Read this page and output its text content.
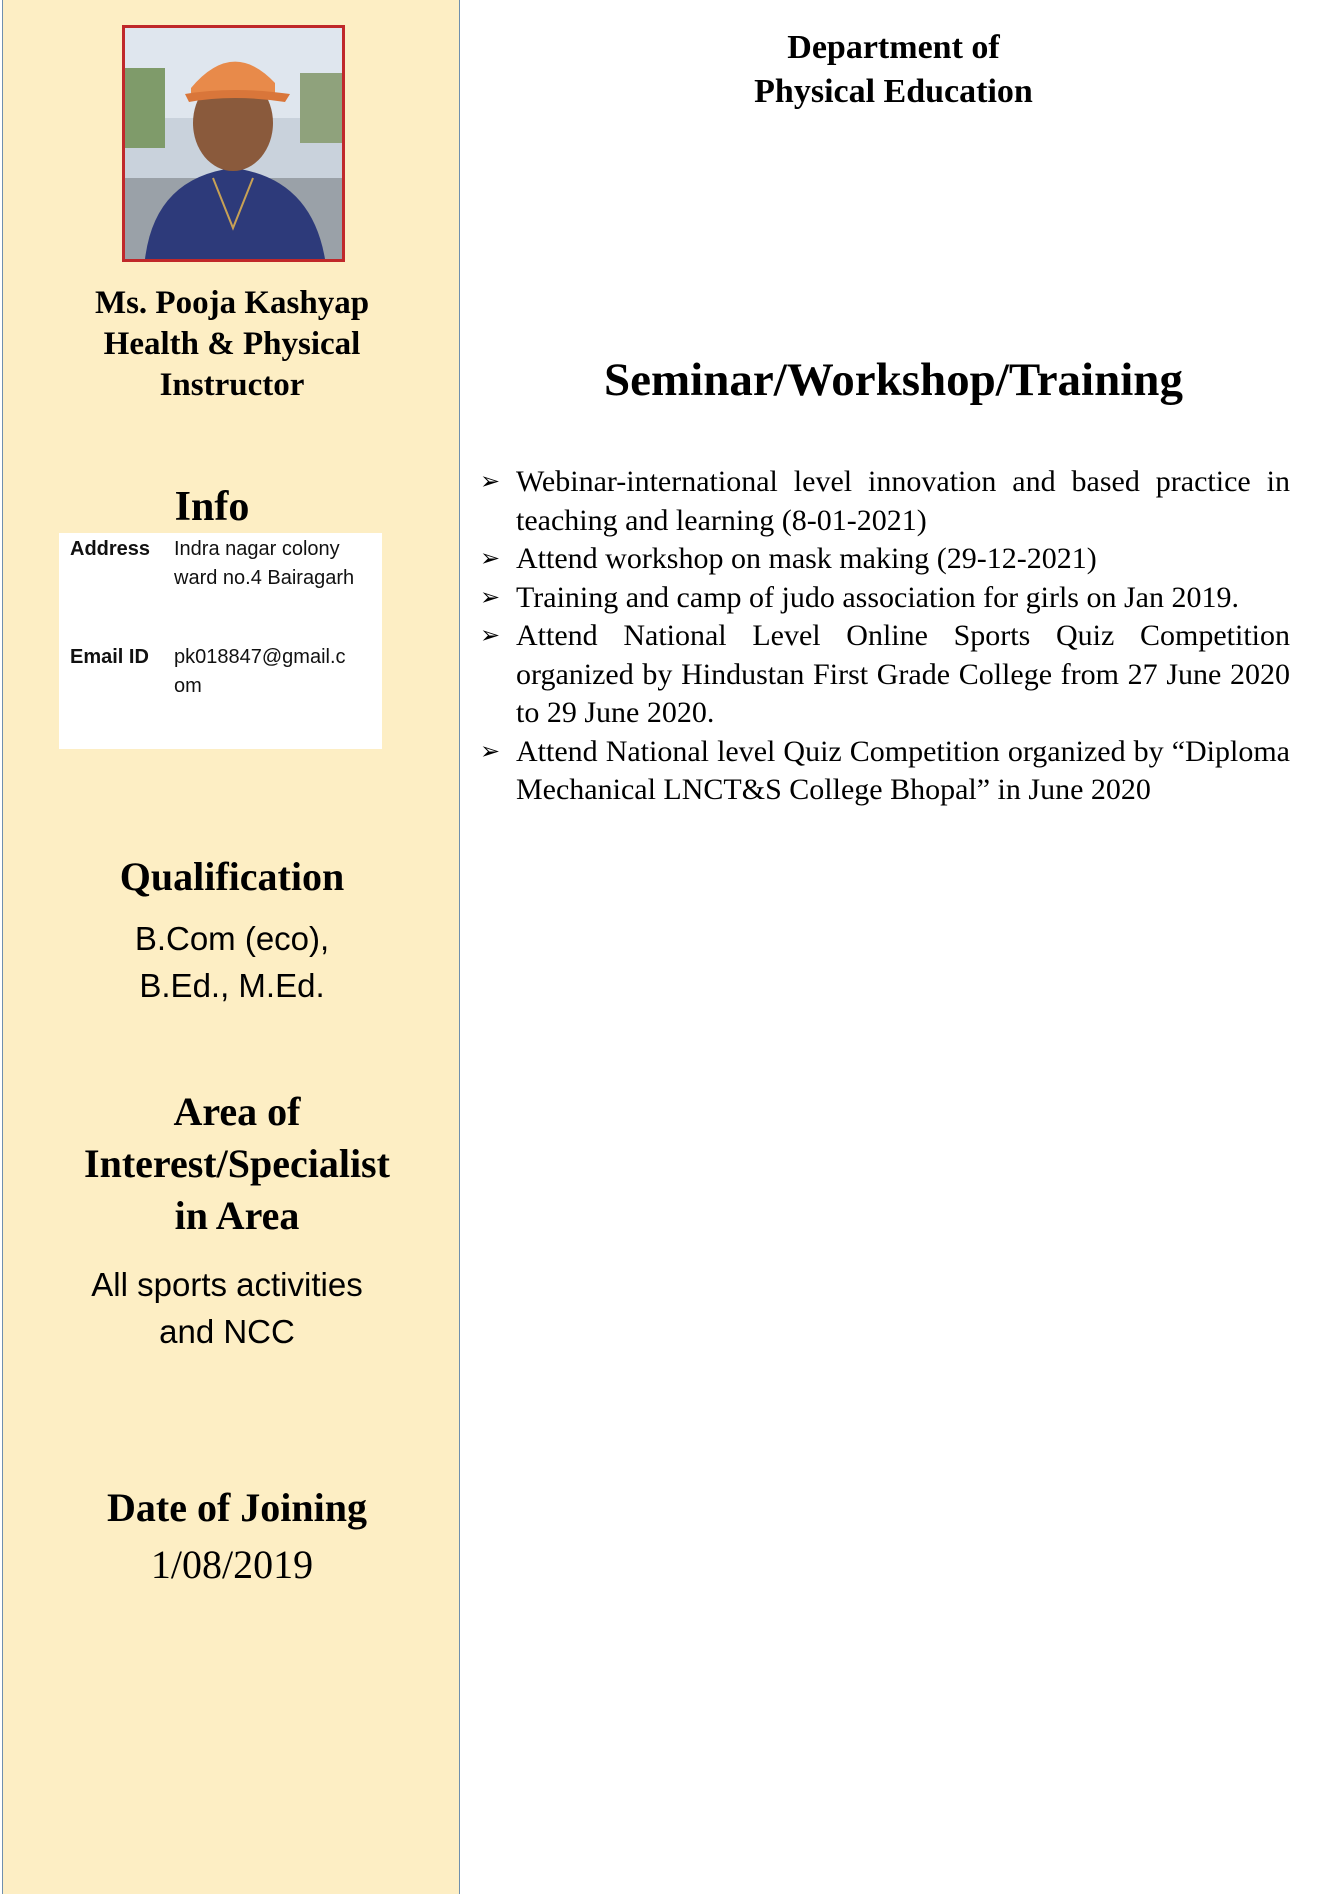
Ms. Pooja Kashyap
Health & Physical
Instructor
Info
Address Indra nagar colony
ward no.4 Bairagarh
Email ID pk018847@gmail.c
om
Qualification
B.Com (eco),
B.Ed., M.Ed.
Area of
Interest/Specialist
in Area
All sports activities
and NCC
Date of Joining
1/08/2019
Department of
Physical Education
Seminar/Workshop/Training
➢ Webinar-international level innovation and based practice in teaching and learning (8-01-2021)
➢ Attend workshop on mask making (29-12-2021)
➢ Training and camp of judo association for girls on Jan 2019.
➢ Attend National Level Online Sports Quiz Competition organized by Hindustan First Grade College from 27 June 2020 to 29 June 2020.
➢ Attend National level Quiz Competition organized by “Diploma Mechanical LNCT&S College Bhopal” in June 2020
